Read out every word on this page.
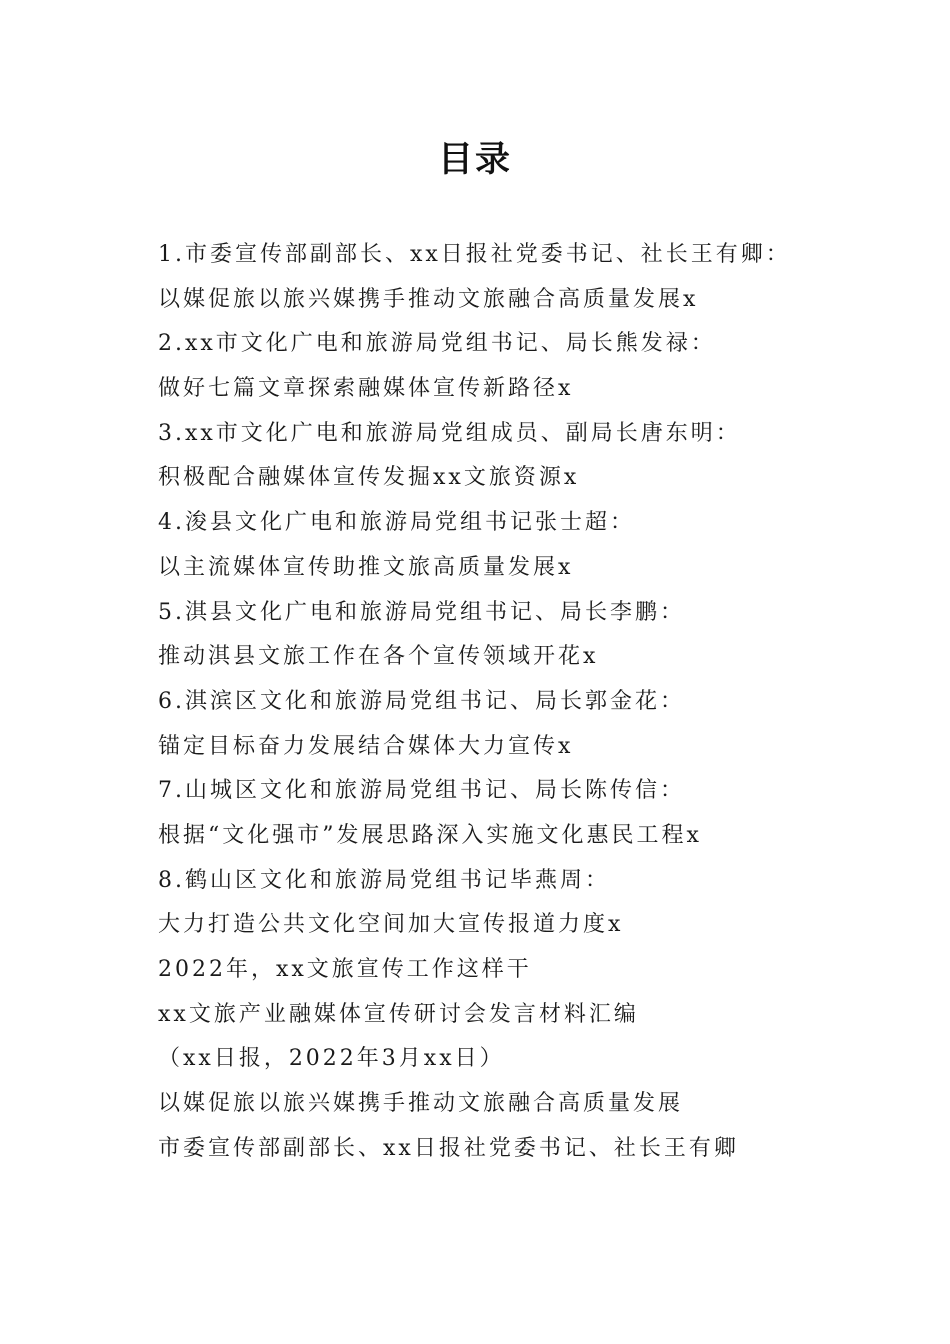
目录
1.市委宣传部副部长、xx日报社党委书记、社长王有卿：
以媒促旅以旅兴媒携手推动文旅融合高质量发展x
2.xx市文化广电和旅游局党组书记、局长熊发禄：
做好七篇文章探索融媒体宣传新路径x
3.xx市文化广电和旅游局党组成员、副局长唐东明：
积极配合融媒体宣传发掘xx文旅资源x
4.浚县文化广电和旅游局党组书记张士超：
以主流媒体宣传助推文旅高质量发展x
5.淇县文化广电和旅游局党组书记、局长李鹏：
推动淇县文旅工作在各个宣传领域开花x
6.淇滨区文化和旅游局党组书记、局长郭金花：
锚定目标奋力发展结合媒体大力宣传x
7.山城区文化和旅游局党组书记、局长陈传信：
根据“文化强市”发展思路深入实施文化惠民工程x
8.鹤山区文化和旅游局党组书记毕燕周：
大力打造公共文化空间加大宣传报道力度x
2022年，xx文旅宣传工作这样干
xx文旅产业融媒体宣传研讨会发言材料汇编
（xx日报，2022年3月xx日）
以媒促旅以旅兴媒携手推动文旅融合高质量发展
市委宣传部副部长、xx日报社党委书记、社长王有卿
